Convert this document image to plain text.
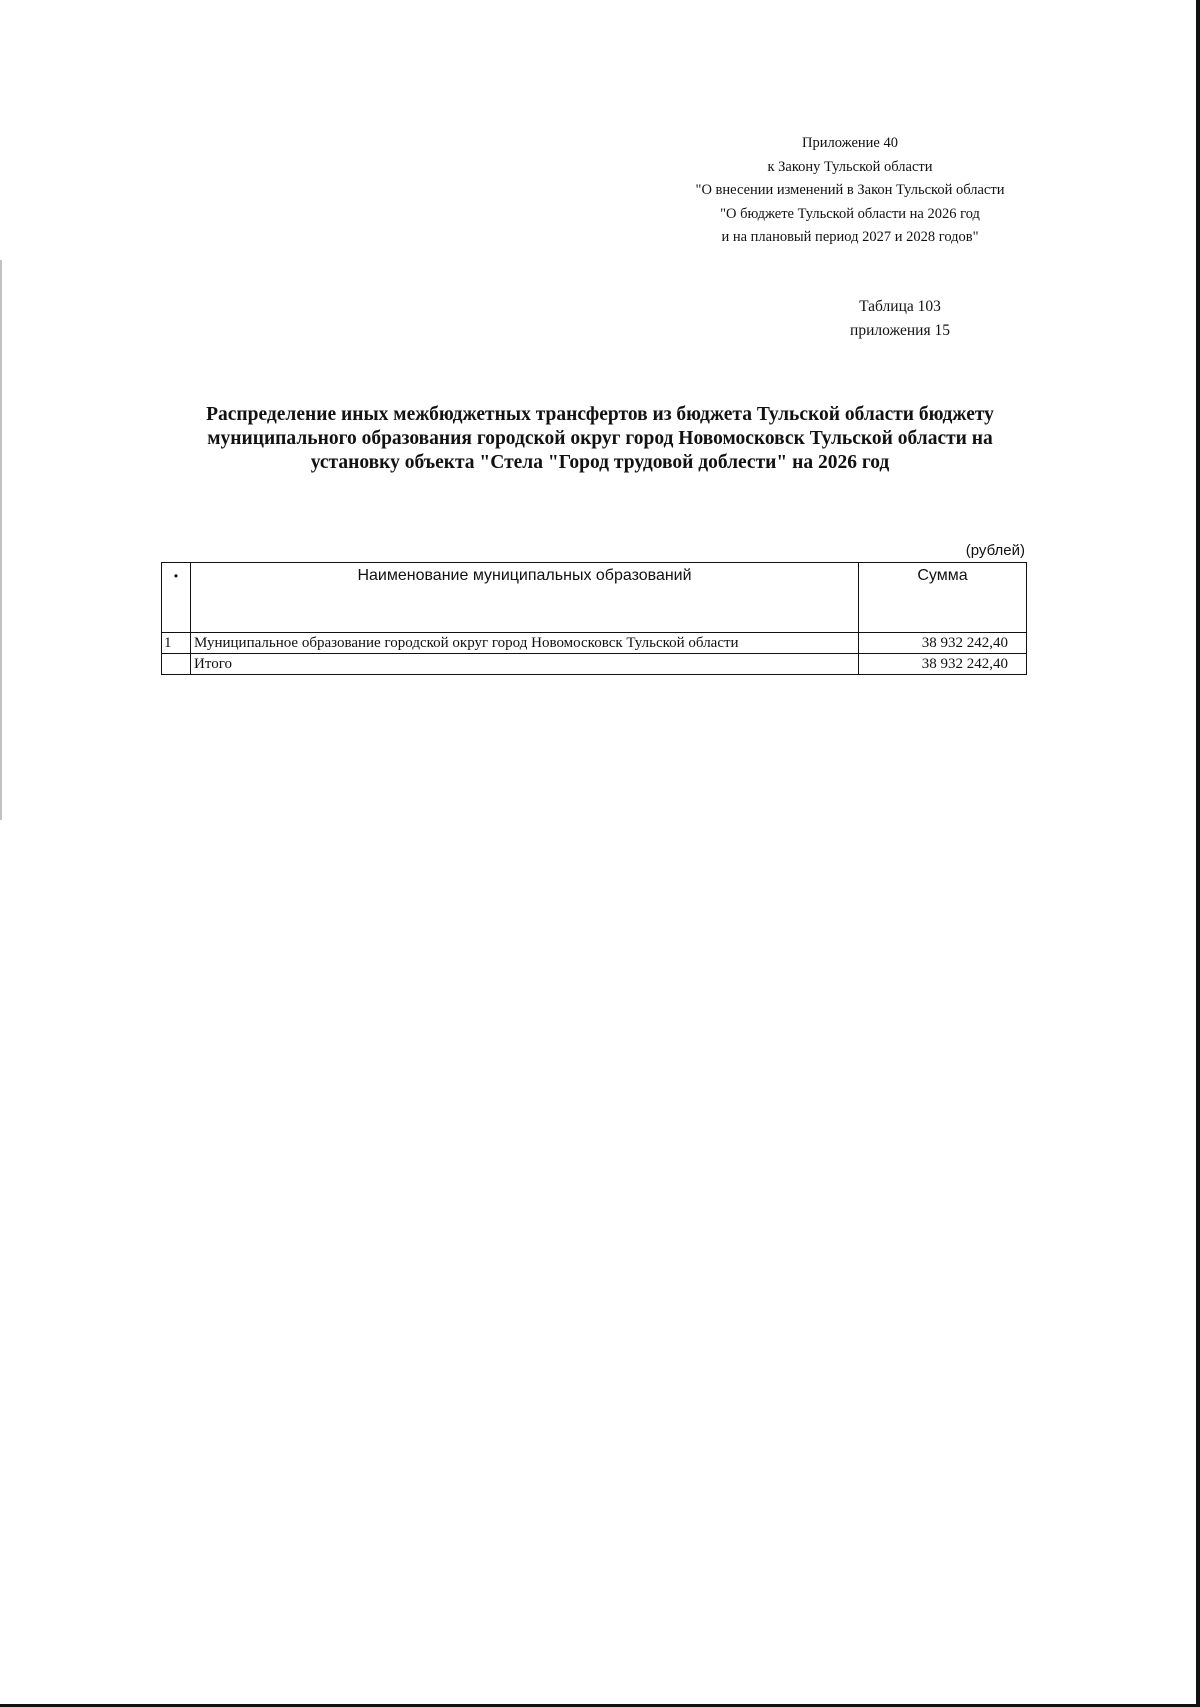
Приложение 40
к Закону Тульской области
"О внесении изменений в Закон Тульской области
"О бюджете Тульской области на 2026 год
и на плановый период 2027 и 2028 годов"
Таблица 103
приложения 15
Распределение иных межбюджетных трансфертов из бюджета Тульской области бюджету
муниципального образования городской округ город Новомосковск Тульской области на
установку объекта "Стела "Город трудовой доблести" на 2026 год
(рублей)
•	Наименование муниципальных образований	Сумма
1	Муниципальное образование городской округ город Новомосковск Тульской области	38 932 242,40
	Итого	38 932 242,40
